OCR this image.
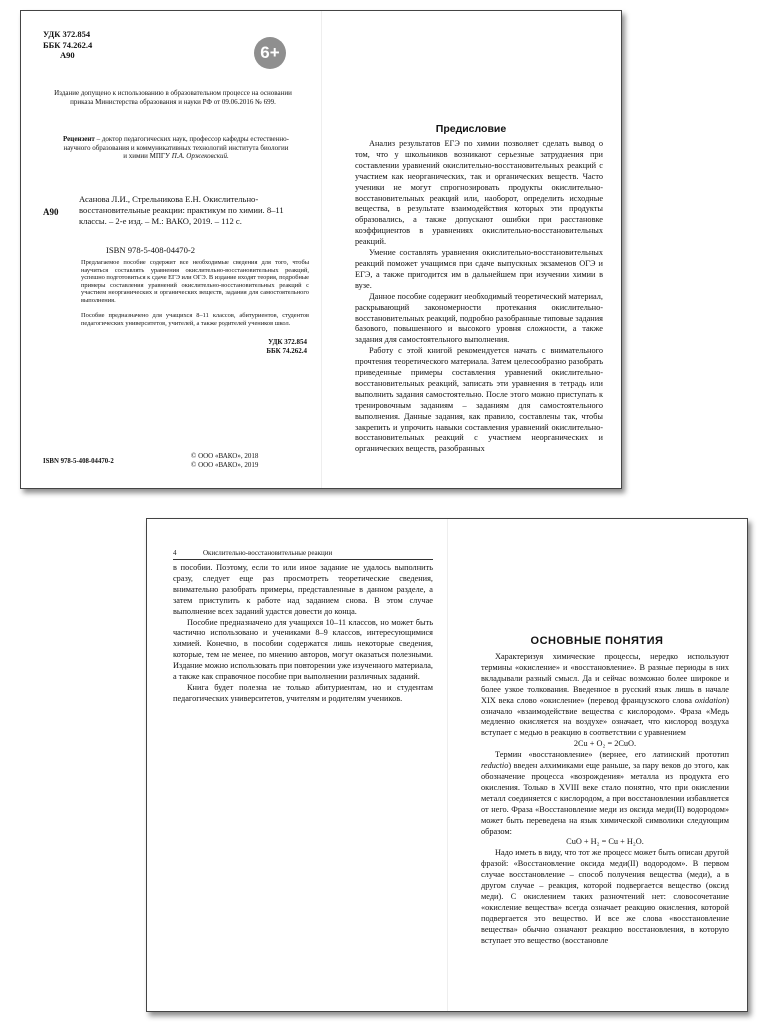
УДК 372.854
ББК 74.262.4
А90	6+
Издание допущено к использованию в образовательном процессе на основании приказа Министерства образования и науки РФ от 09.06.2016 № 699.
Рецензент – доктор педагогических наук, профессор кафедры естественно-научного образования и коммуникативных технологий института биологии и химии МПГУ П.А. Оржековский.
А90
Асанова Л.И., Стрельникова Е.Н. Окислительно-восстановительные реакции: практикум по химии. 8–11 классы. – 2-е изд. – М.: ВАКО, 2019. – 112 с.
ISBN 978-5-408-04470-2
Предлагаемое пособие содержит все необходимые сведения для того, чтобы научиться составлять уравнения окислительно-восстановительных реакций, успешно подготовиться к сдаче ЕГЭ или ОГЭ. В издание входят теория, подробные примеры составления уравнений окислительно-восстановительных реакций с участием неорганических и органических веществ, задания для самостоятельного выполнения.
Пособие предназначено для учащихся 8–11 классов, абитуриентов, студентов педагогических университетов, учителей, а также родителей учеников школ.
УДК 372.854
ББК 74.262.4
ISBN 978-5-408-04470-2
© ООО «ВАКО», 2018
© ООО «ВАКО», 2019
Предисловие

Анализ результатов ЕГЭ по химии позволяет сделать вывод о том, что у школьников возникают серьезные затруднения при составлении уравнений окислительно-восстановительных реакций с участием как неорганических, так и органических веществ. Часто ученики не могут спрогнозировать продукты окислительно-восстановительных реакций или, наоборот, определить исходные вещества, в результате взаимодействия которых эти продукты образовались, а также допускают ошибки при расстановке коэффициентов в уравнениях окислительно-восстановительных реакций.

Умение составлять уравнения окислительно-восстановительных реакций поможет учащимся при сдаче выпускных экзаменов ОГЭ и ЕГЭ, а также пригодится им в дальнейшем при изучении химии в вузе.

Данное пособие содержит необходимый теоретический материал, раскрывающий закономерности протекания окислительно-восстановительных реакций, подробно разобранные типовые задания базового, повышенного и высокого уровня сложности, а также задания для самостоятельного выполнения.

Работу с этой книгой рекомендуется начать с внимательного прочтения теоретического материала. Затем целесообразно разобрать приведенные примеры составления уравнений окислительно-восстановительных реакций, записать эти уравнения в тетрадь или выполнить задания самостоятельно. После этого можно приступать к тренировочным заданиям – заданиям для самостоятельного выполнения. Данные задания, как правило, составлены так, чтобы закрепить и упрочить навыки составления уравнений окислительно-восстановительных реакций с участием неорганических и органических веществ, разобранных

4	Окислительно-восстановительные реакции

в пособии. Поэтому, если то или иное задание не удалось выполнить сразу, следует еще раз просмотреть теоретические сведения, внимательно разобрать примеры, представленные в данном разделе, а затем приступить к работе над заданием снова. В этом случае выполнение всех заданий удастся довести до конца.

Пособие предназначено для учащихся 10–11 классов, но может быть частично использовано и учениками 8–9 классов, интересующимися химией. Конечно, в пособии содержатся лишь некоторые сведения, которые, тем не менее, по мнению авторов, могут оказаться полезными. Издание можно использовать при повторении уже изученного материала, а также как справочное пособие при выполнении различных заданий.

Книга будет полезна не только абитуриентам, но и студентам педагогических университетов, учителям и родителям учеников.

ОСНОВНЫЕ ПОНЯТИЯ

Характеризуя химические процессы, нередко используют термины «окисление» и «восстановление». В разные периоды в них вкладывали разный смысл. Да и сейчас возможно более широкое и более узкое толкования. Введенное в русский язык лишь в начале XIX века слово «окисление» (перевод французского слова oxidation) означало «взаимодействие вещества с кислородом». Фраза «Медь медленно окисляется на воздухе» означает, что кислород воздуха вступает с медью в реакцию в соответствии с уравнением

2Cu + O₂ = 2CuO.

Термин «восстановление» (вернее, его латинский прототип reductio) введен алхимиками еще раньше, за пару веков до этого, как обозначение процесса «возрождения» металла из продукта его окисления. Только в XVIII веке стало понятно, что при окислении металл соединяется с кислородом, а при восстановлении избавляется от него. Фраза «Восстановление меди из оксида меди(II) водородом» может быть переведена на язык химической символики следующим образом:

CuO + H₂ = Cu + H₂O.

Надо иметь в виду, что тот же процесс может быть описан другой фразой: «Восстановление оксида меди(II) водородом». В первом случае восстановление – способ получения вещества (меди), а в другом случае – реакция, которой подвергается вещество (оксид меди). С окислением таких разночтений нет: словосочетание «окисление вещества» всегда означает реакцию окисления, которой подвергается это вещество. И все же слова «восстановление вещества» обычно означают реакцию восстановления, в которую вступает это вещество (восстановле
